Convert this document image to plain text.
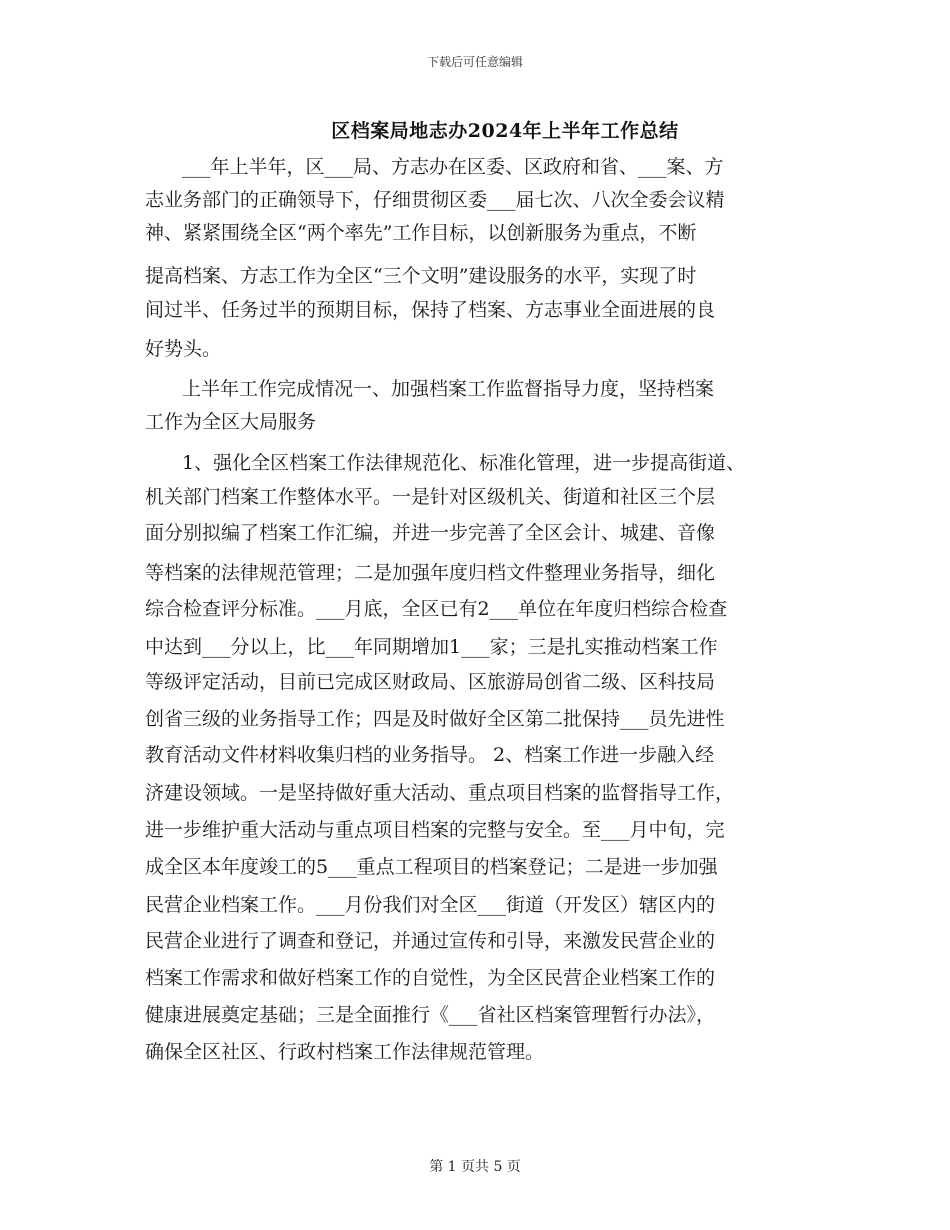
下载后可任意编辑
区档案局地志办2024年上半年工作总结
___年上半年，区___局、方志办在区委、区政府和省、___案、方
志业务部门的正确领导下，仔细贯彻区委___届七次、八次全委会议精
神、紧紧围绕全区“两个率先”工作目标，以创新服务为重点，不断
提高档案、方志工作为全区“三个文明”建设服务的水平，实现了时
间过半、任务过半的预期目标，保持了档案、方志事业全面进展的良
好势头。
上半年工作完成情况一、加强档案工作监督指导力度，坚持档案
工作为全区大局服务
1、强化全区档案工作法律规范化、标准化管理，进一步提高街道、
机关部门档案工作整体水平。一是针对区级机关、街道和社区三个层
面分别拟编了档案工作汇编，并进一步完善了全区会计、城建、音像
等档案的法律规范管理；二是加强年度归档文件整理业务指导，细化
综合检查评分标准。___月底，全区已有2___单位在年度归档综合检查
中达到___分以上，比___年同期增加1___家；三是扎实推动档案工作
等级评定活动，目前已完成区财政局、区旅游局创省二级、区科技局
创省三级的业务指导工作；四是及时做好全区第二批保持___员先进性
教育活动文件材料收集归档的业务指导。 2、档案工作进一步融入经
济建设领域。一是坚持做好重大活动、重点项目档案的监督指导工作，
进一步维护重大活动与重点项目档案的完整与安全。至___月中旬，完
成全区本年度竣工的5___重点工程项目的档案登记；二是进一步加强
民营企业档案工作。___月份我们对全区___街道（开发区）辖区内的
民营企业进行了调查和登记，并通过宣传和引导，来激发民营企业的
档案工作需求和做好档案工作的自觉性，为全区民营企业档案工作的
健康进展奠定基础；三是全面推行《___省社区档案管理暂行办法》，
确保全区社区、行政村档案工作法律规范管理。
第 1 页共 5 页
